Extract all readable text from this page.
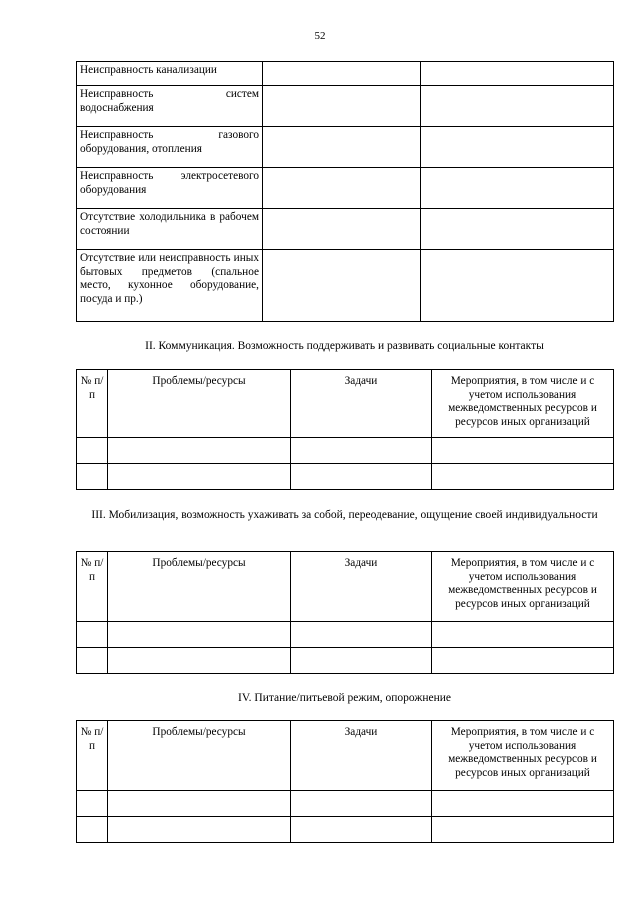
52
Неисправность канализации		
Неисправность систем водоснабжения		
Неисправность газового оборудования, отопления		
Неисправность электросетевого оборудования		
Отсутствие холодильника в рабочем состоянии		
Отсутствие или неисправность иных бытовых предметов (спальное место, кухонное оборудование, посуда и пр.)		
II. Коммуникация. Возможность поддерживать и развивать социальные контакты
№ п/п	Проблемы/ресурсы	Задачи	Мероприятия, в том числе и с учетом использования межведомственных ресурсов и ресурсов иных организаций

III. Мобилизация, возможность ухаживать за собой, переодевание, ощущение своей индивидуальности
№ п/п	Проблемы/ресурсы	Задачи	Мероприятия, в том числе и с учетом использования межведомственных ресурсов и ресурсов иных организаций

IV. Питание/питьевой режим, опорожнение
№ п/п	Проблемы/ресурсы	Задачи	Мероприятия, в том числе и с учетом использования межведомственных ресурсов и ресурсов иных организаций
